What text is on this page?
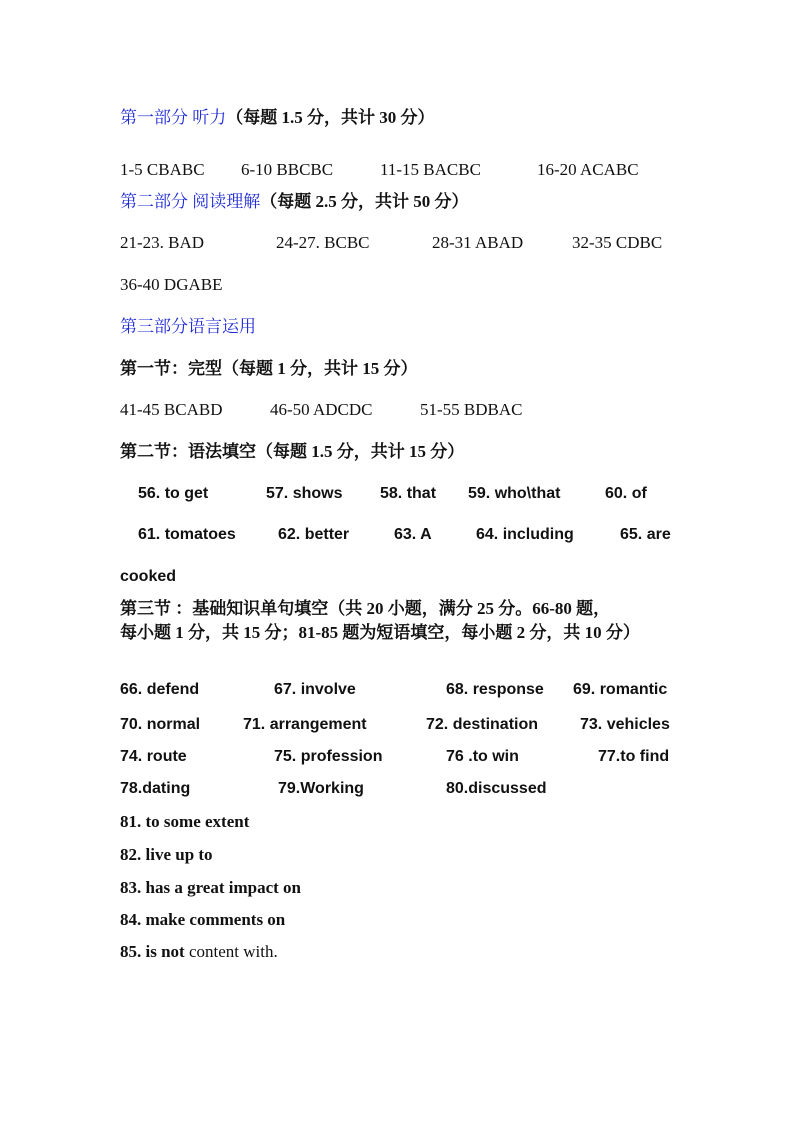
第一部分 听力（每题 1.5 分，共计 30 分）
1-5 CBABC 6-10 BBCBC	11-15 BACBC	16-20 ACABC
第二部分 阅读理解（每题 2.5 分，共计 50 分）
21-23. BAD	24-27. BCBC	28-31 ABAD	32-35 CDBC
36-40 DGABE
第三部分语言运用
第一节：完型（每题 1 分，共计 15 分）
41-45 BCABD	46-50 ADCDC	51-55 BDBAC
第二节：语法填空（每题 1.5 分，共计 15 分）
56. to get	57. shows 58. that 59. who\that	60. of
61. tomatoes	62. better	63. A	64. including	65. are
cooked
第三节 ：基础知识单句填空（共 20 小题，满分 25 分。66-80 题，
每小题 1 分，共 15 分；81-85 题为短语填空，每小题 2 分，共 10 分）
66. defend	67. involve	68. response 69. romantic
70. normal	71. arrangement	72. destination	73. vehicles
74. route	75. profession	76 .to win	77.to find
78.dating	79.Working	80.discussed
81. to some extent
82. live up to
83. has a great impact on
84. make comments on
85. is not content with.
